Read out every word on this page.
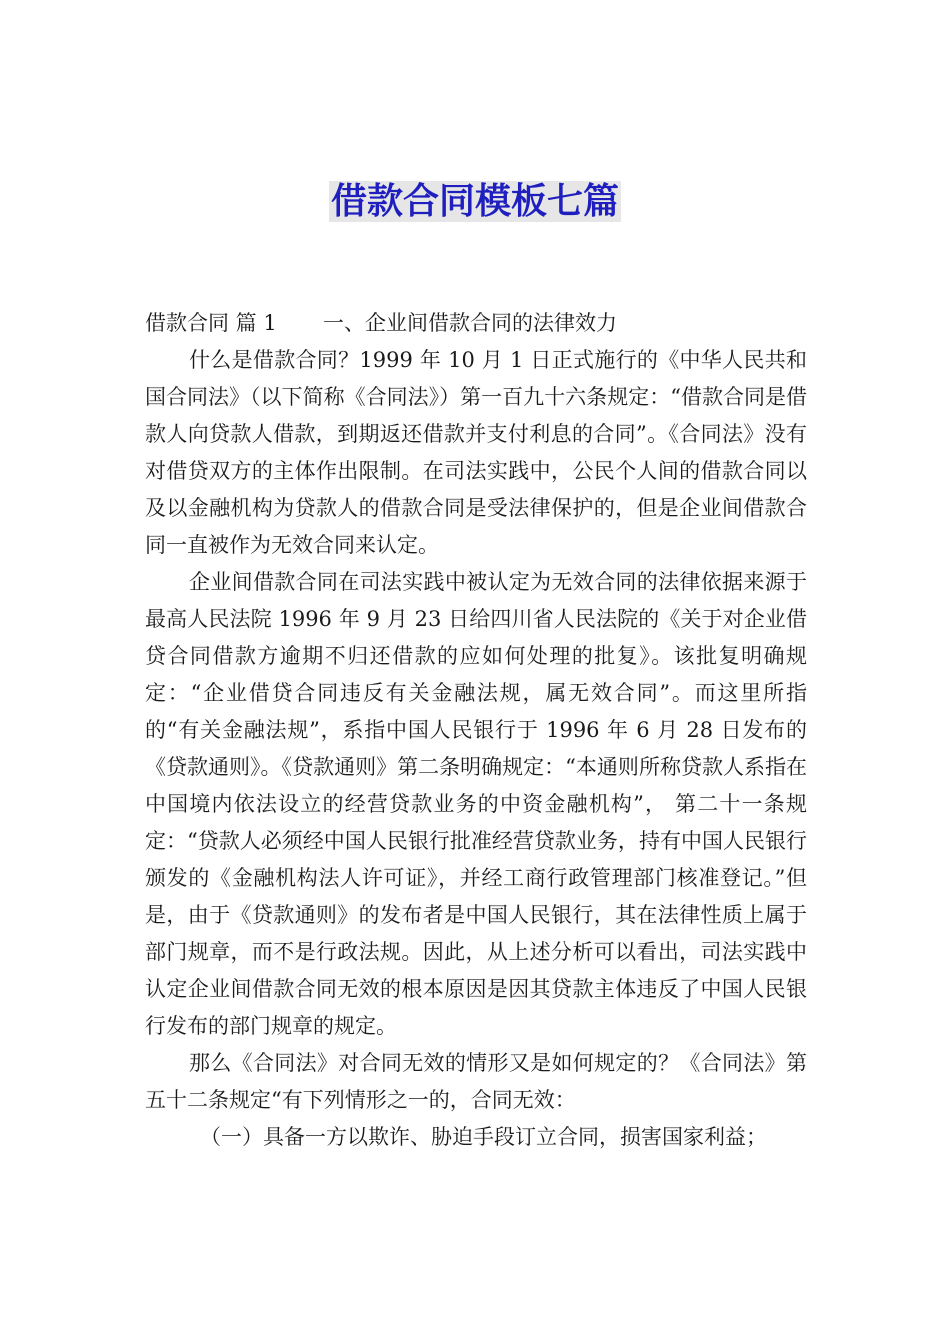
借款合同模板七篇

借款合同 篇 1 一、企业间借款合同的法律效力

什么是借款合同？1999 年 10 月 1 日正式施行的《中华人民共和国合同法》（以下简称《合同法》）第一百九十六条规定：“借款合同是借款人向贷款人借款，到期返还借款并支付利息的合同”。《合同法》没有对借贷双方的主体作出限制。在司法实践中，公民个人间的借款合同以及以金融机构为贷款人的借款合同是受法律保护的，但是企业间借款合同一直被作为无效合同来认定。

企业间借款合同在司法实践中被认定为无效合同的法律依据来源于最高人民法院 1996 年 9 月 23 日给四川省人民法院的《关于对企业借贷合同借款方逾期不归还借款的应如何处理的批复》。该批复明确规定：“企业借贷合同违反有关金融法规，属无效合同”。而这里所指的“有关金融法规”，系指中国人民银行于 1996 年 6 月 28 日发布的《贷款通则》。《贷款通则》第二条明确规定：“本通则所称贷款人系指在中国境内依法设立的经营贷款业务的中资金融机构”， 第二十一条规定：“贷款人必须经中国人民银行批准经营贷款业务，持有中国人民银行颁发的《金融机构法人许可证》，并经工商行政管理部门核准登记。”但是，由于《贷款通则》的发布者是中国人民银行，其在法律性质上属于部门规章，而不是行政法规。因此，从上述分析可以看出，司法实践中认定企业间借款合同无效的根本原因是因其贷款主体违反了中国人民银行发布的部门规章的规定。

那么《合同法》对合同无效的情形又是如何规定的？《合同法》第五十二条规定“有下列情形之一的，合同无效：

（一）具备一方以欺诈、胁迫手段订立合同，损害国家利益；
